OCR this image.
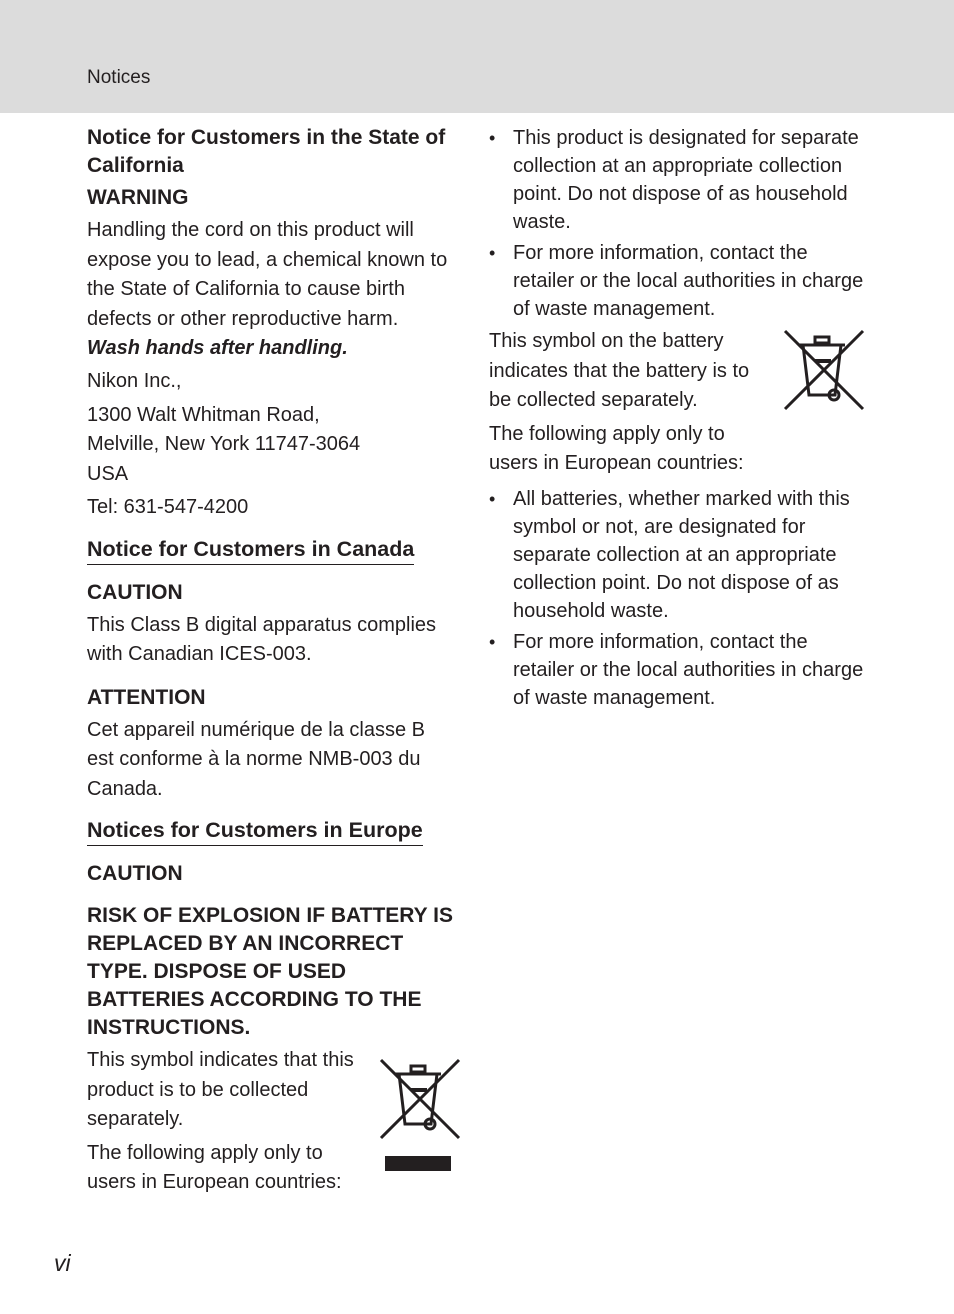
Notices

Notice for Customers in the State of California

WARNING

Handling the cord on this product will expose you to lead, a chemical known to the State of California to cause birth defects or other reproductive harm.

Wash hands after handling.

Nikon Inc.,

1300 Walt Whitman Road,

Melville, New York 11747-3064

USA

Tel: 631-547-4200

Notice for Customers in Canada

CAUTION

This Class B digital apparatus complies with Canadian ICES-003.

ATTENTION

Cet appareil numérique de la classe B est conforme à la norme NMB-003 du Canada.

Notices for Customers in Europe

CAUTION

RISK OF EXPLOSION IF BATTERY IS REPLACED BY AN INCORRECT TYPE. DISPOSE OF USED BATTERIES ACCORDING TO THE INSTRUCTIONS.

This symbol indicates that this product is to be collected separately.

The following apply only to users in European countries:

• This product is designated for separate collection at an appropriate collection point. Do not dispose of as household waste.
• For more information, contact the retailer or the local authorities in charge of waste management.

This symbol on the battery indicates that the battery is to be collected separately.

The following apply only to users in European countries:

• All batteries, whether marked with this symbol or not, are designated for separate collection at an appropriate collection point. Do not dispose of as household waste.
• For more information, contact the retailer or the local authorities in charge of waste management.
vi
